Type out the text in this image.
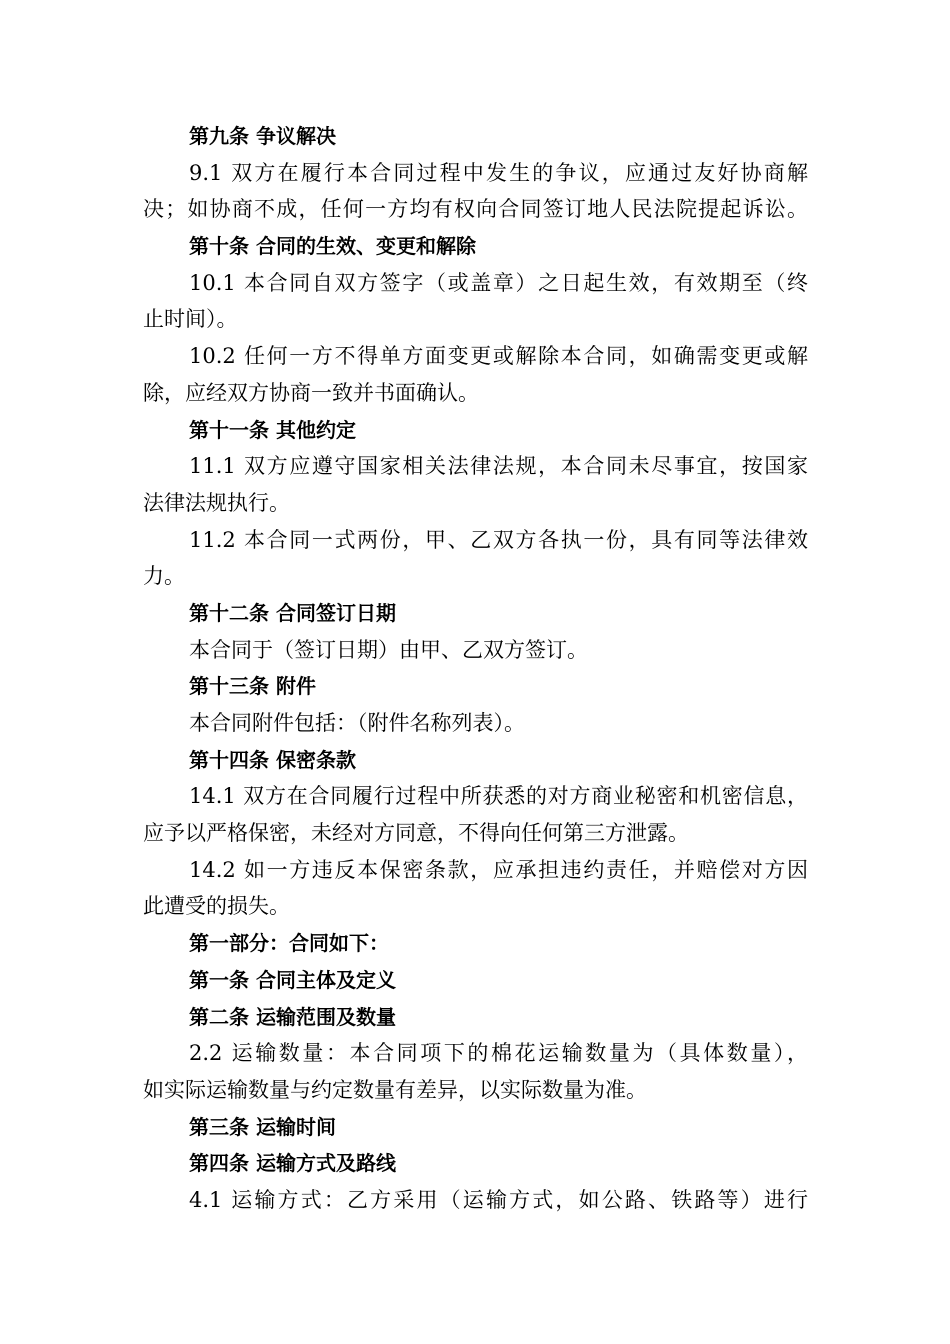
第九条 争议解决
9.1 双方在履行本合同过程中发生的争议，应通过友好协商解
决；如协商不成，任何一方均有权向合同签订地人民法院提起诉讼。
第十条 合同的生效、变更和解除
10.1 本合同自双方签字（或盖章）之日起生效，有效期至（终
止时间）。
10.2 任何一方不得单方面变更或解除本合同，如确需变更或解
除，应经双方协商一致并书面确认。
第十一条 其他约定
11.1 双方应遵守国家相关法律法规，本合同未尽事宜，按国家
法律法规执行。
11.2 本合同一式两份，甲、乙双方各执一份，具有同等法律效
力。
第十二条 合同签订日期
本合同于（签订日期）由甲、乙双方签订。
第十三条 附件
本合同附件包括：（附件名称列表）。
第十四条 保密条款
14.1 双方在合同履行过程中所获悉的对方商业秘密和机密信息，
应予以严格保密，未经对方同意，不得向任何第三方泄露。
14.2 如一方违反本保密条款，应承担违约责任，并赔偿对方因
此遭受的损失。
第一部分：合同如下：
第一条 合同主体及定义
第二条 运输范围及数量
2.2 运输数量：本合同项下的棉花运输数量为（具体数量），
如实际运输数量与约定数量有差异，以实际数量为准。
第三条 运输时间
第四条 运输方式及路线
4.1 运输方式：乙方采用（运输方式，如公路、铁路等）进行
